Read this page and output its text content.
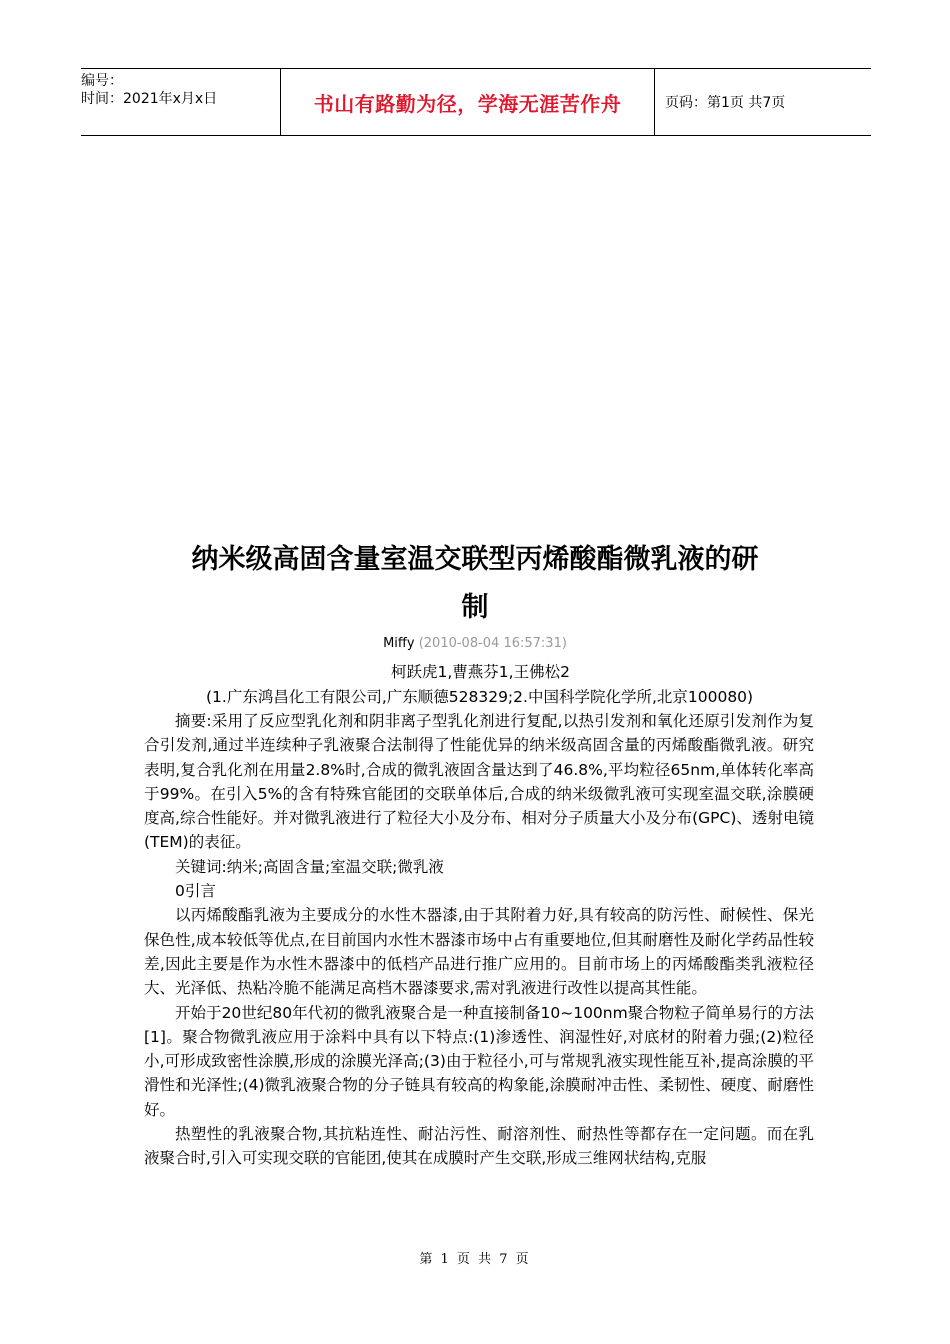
编号：
时间：2021年x月x日	书山有路勤为径，学海无涯苦作舟	页码：第1页 共7页
纳米级高固含量室温交联型丙烯酸酯微乳液的研
制
Miffy (2010-08-04 16:57:31)
柯跃虎1,曹燕芬1,王佛松2
(1.广东鸿昌化工有限公司,广东顺德528329;2.中国科学院化学所,北京100080)

摘要:采用了反应型乳化剂和阴非离子型乳化剂进行复配,以热引发剂和氧化还原引发剂作为复合引发剂,通过半连续种子乳液聚合法制得了性能优异的纳米级高固含量的丙烯酸酯微乳液。研究表明,复合乳化剂在用量2.8%时,合成的微乳液固含量达到了46.8%,平均粒径65nm,单体转化率高于99%。在引入5%的含有特殊官能团的交联单体后,合成的纳米级微乳液可实现室温交联,涂膜硬度高,综合性能好。并对微乳液进行了粒径大小及分布、相对分子质量大小及分布(GPC)、透射电镜(TEM)的表征。

关键词:纳米;高固含量;室温交联;微乳液

0引言

以丙烯酸酯乳液为主要成分的水性木器漆,由于其附着力好,具有较高的防污性、耐候性、保光保色性,成本较低等优点,在目前国内水性木器漆市场中占有重要地位,但其耐磨性及耐化学药品性较差,因此主要是作为水性木器漆中的低档产品进行推广应用的。目前市场上的丙烯酸酯类乳液粒径大、光泽低、热粘冷脆不能满足高档木器漆要求,需对乳液进行改性以提高其性能。

开始于20世纪80年代初的微乳液聚合是一种直接制备10~100nm聚合物粒子简单易行的方法[1]。聚合物微乳液应用于涂料中具有以下特点:(1)渗透性、润湿性好,对底材的附着力强;(2)粒径小,可形成致密性涂膜,形成的涂膜光泽高;(3)由于粒径小,可与常规乳液实现性能互补,提高涂膜的平滑性和光泽性;(4)微乳液聚合物的分子链具有较高的构象能,涂膜耐冲击性、柔韧性、硬度、耐磨性好。

热塑性的乳液聚合物,其抗粘连性、耐沾污性、耐溶剂性、耐热性等都存在一定问题。而在乳液聚合时,引入可实现交联的官能团,使其在成膜时产生交联,形成三维网状结构,克服

第 1 页 共 7 页
